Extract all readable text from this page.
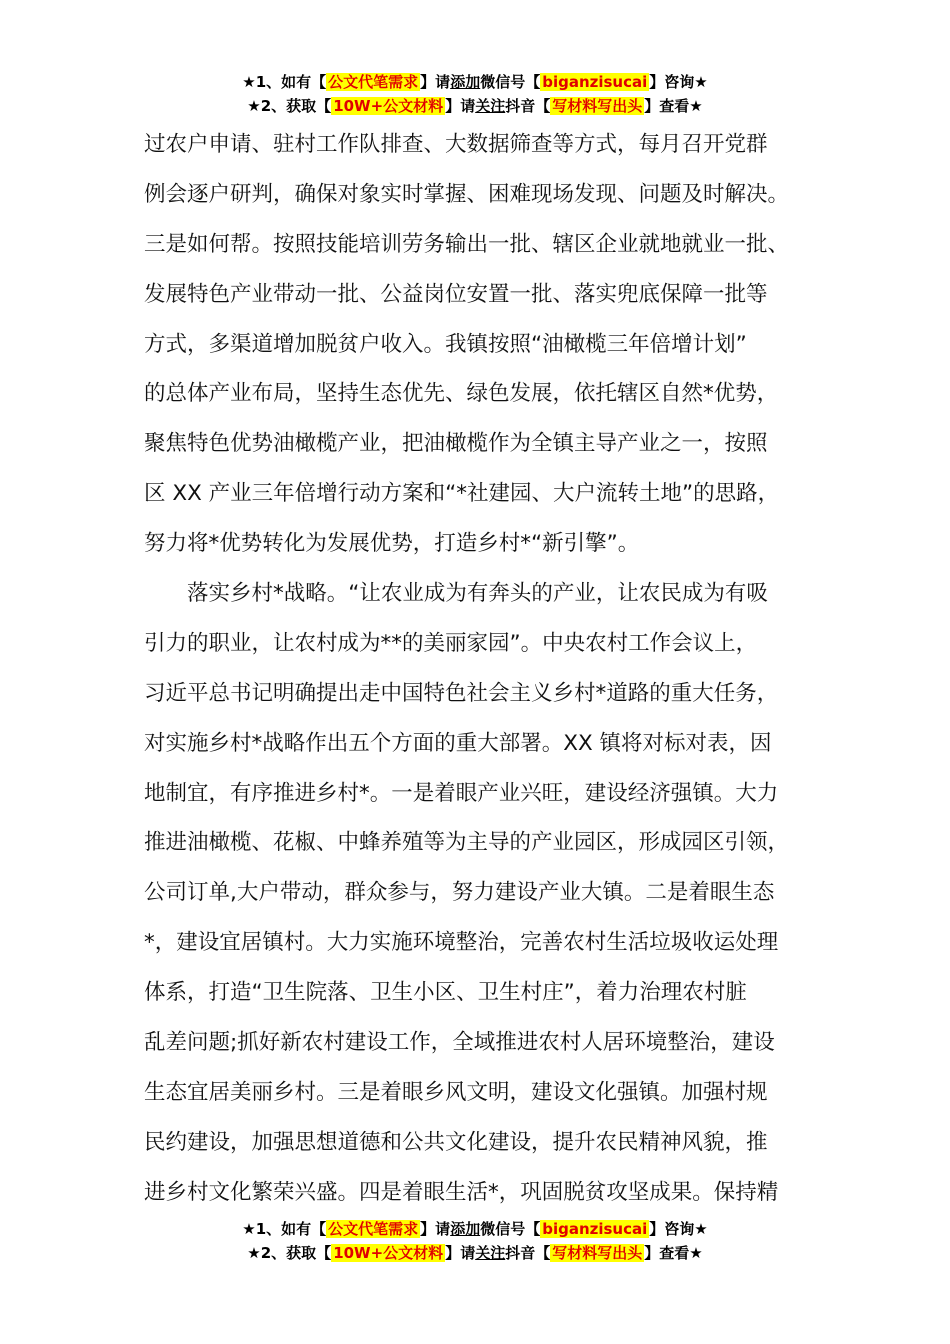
★1、如有【 公文代笔需求 】请添加微信号【 biganzisucai 】咨询★
★2、获取【 10W+公文材料 】请关注抖音【 写材料写出头 】查看★
过农户申请、驻村工作队排查、大数据筛查等方式，每月召开党群
例会逐户研判，确保对象实时掌握、困难现场发现、问题及时解决。
三是如何帮。按照技能培训劳务输出一批、辖区企业就地就业一批、
发展特色产业带动一批、公益岗位安置一批、落实兜底保障一批等
方式，多渠道增加脱贫户收入。我镇按照“油橄榄三年倍增计划”
的总体产业布局，坚持生态优先、绿色发展，依托辖区自然*优势，
聚焦特色优势油橄榄产业，把油橄榄作为全镇主导产业之一，按照
区 XX 产业三年倍增行动方案和“*社建园、大户流转土地”的思路，
努力将*优势转化为发展优势，打造乡村*“新引擎”。
落实乡村*战略。“让农业成为有奔头的产业，让农民成为有吸
引力的职业，让农村成为**的美丽家园”。中央农村工作会议上，
习近平总书记明确提出走中国特色社会主义乡村*道路的重大任务，
对实施乡村*战略作出五个方面的重大部署。XX 镇将对标对表，因
地制宜，有序推进乡村*。一是着眼产业兴旺，建设经济强镇。大力
推进油橄榄、花椒、中蜂养殖等为主导的产业园区，形成园区引领，
公司订单,大户带动，群众参与，努力建设产业大镇。二是着眼生态
*，建设宜居镇村。大力实施环境整治，完善农村生活垃圾收运处理
体系，打造“卫生院落、卫生小区、卫生村庄”，着力治理农村脏
乱差问题;抓好新农村建设工作，全域推进农村人居环境整治，建设
生态宜居美丽乡村。三是着眼乡风文明，建设文化强镇。加强村规
民约建设，加强思想道德和公共文化建设，提升农民精神风貌，推
进乡村文化繁荣兴盛。四是着眼生活*，巩固脱贫攻坚成果。保持精
★1、如有【 公文代笔需求 】请添加微信号【 biganzisucai 】咨询★
★2、获取【 10W+公文材料 】请关注抖音【 写材料写出头 】查看★
